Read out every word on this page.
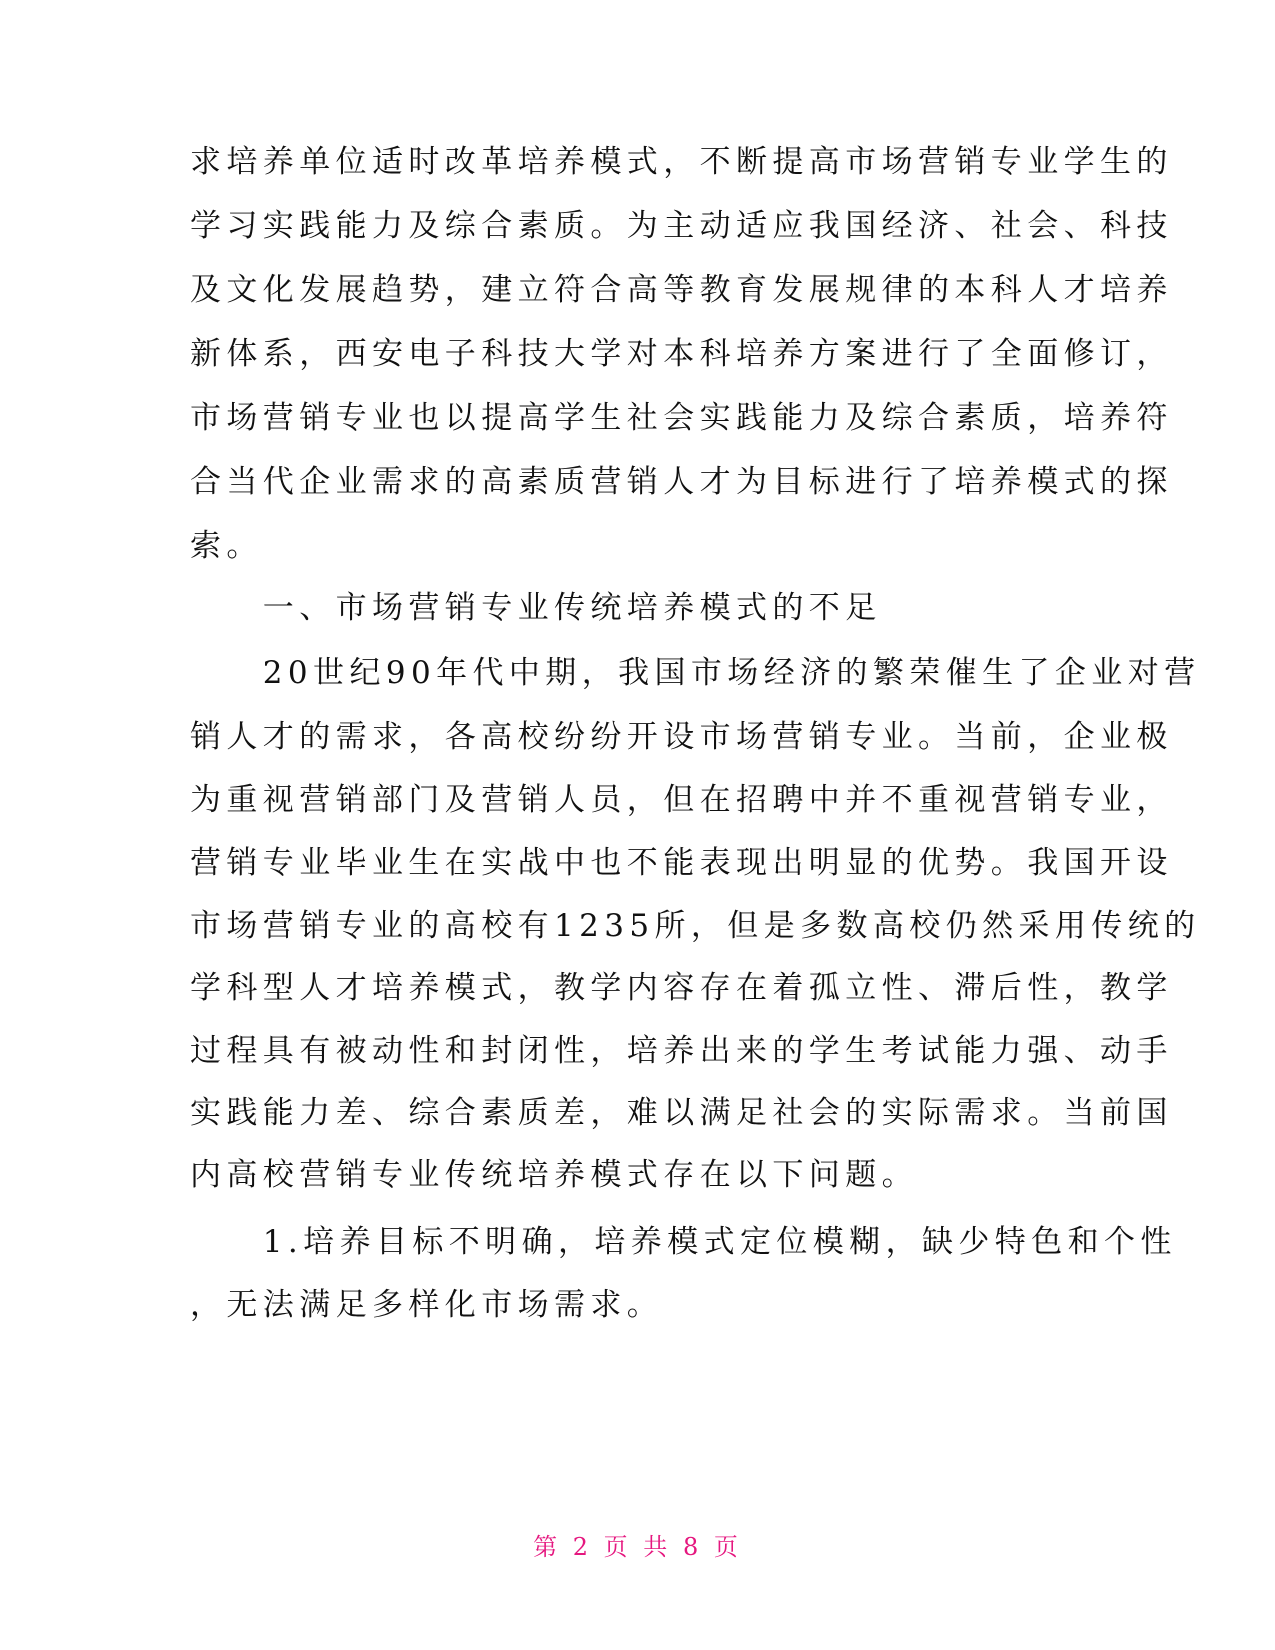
求培养单位适时改革培养模式，不断提高市场营销专业学生的
学习实践能力及综合素质。为主动适应我国经济、社会、科技
及文化发展趋势，建立符合高等教育发展规律的本科人才培养
新体系，西安电子科技大学对本科培养方案进行了全面修订，
市场营销专业也以提高学生社会实践能力及综合素质，培养符
合当代企业需求的高素质营销人才为目标进行了培养模式的探
索。
　　一、市场营销专业传统培养模式的不足
　　20世纪90年代中期，我国市场经济的繁荣催生了企业对营
销人才的需求，各高校纷纷开设市场营销专业。当前，企业极
为重视营销部门及营销人员，但在招聘中并不重视营销专业，
营销专业毕业生在实战中也不能表现出明显的优势。我国开设
市场营销专业的高校有1235所，但是多数高校仍然采用传统的
学科型人才培养模式，教学内容存在着孤立性、滞后性，教学
过程具有被动性和封闭性，培养出来的学生考试能力强、动手
实践能力差、综合素质差，难以满足社会的实际需求。当前国
内高校营销专业传统培养模式存在以下问题。
　　1.培养目标不明确，培养模式定位模糊，缺少特色和个性
，无法满足多样化市场需求。
第 2 页 共 8 页
